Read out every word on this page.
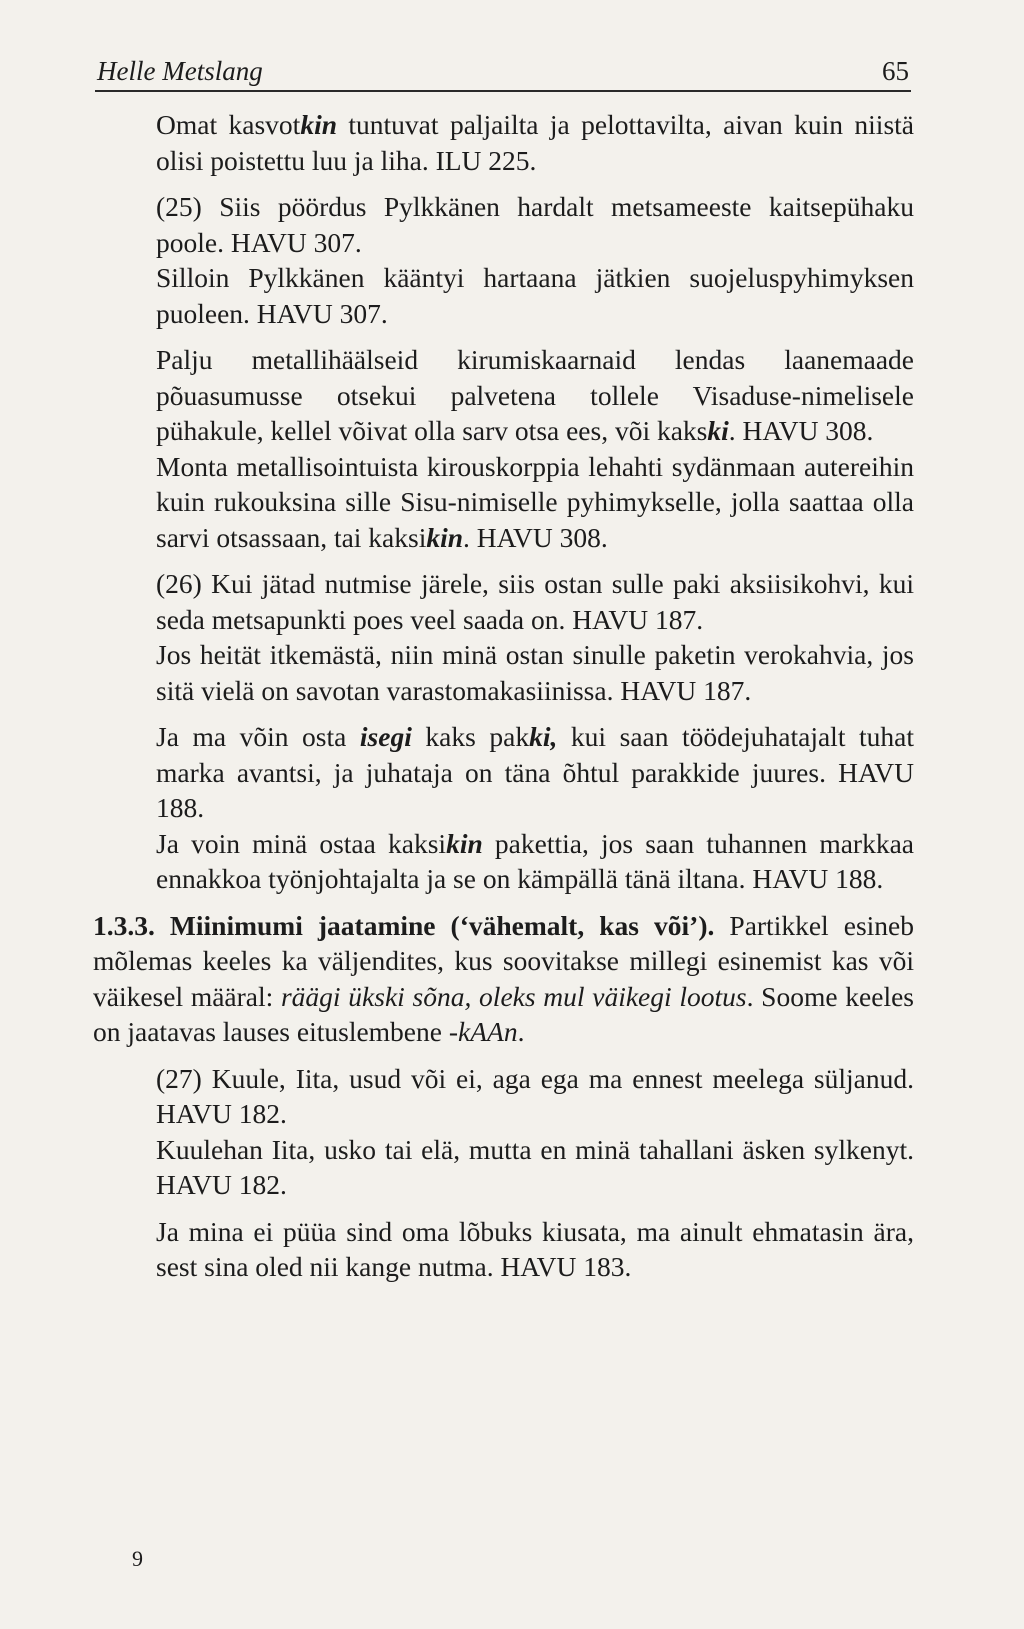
Helle Metslang	65

Omat kasvotkin tuntuvat paljailta ja pelottavilta, aivan kuin niistä olisi poistettu luu ja liha. ILU 225.

(25) Siis pöördus Pylkkänen hardalt metsameeste kaitsepühaku poole. HAVU 307.

Silloin Pylkkänen kääntyi hartaana jätkien suojeluspyhimyksen puoleen. HAVU 307.

Palju metallihäälseid kirumiskaarnaid lendas laanemaade põuasumusse otsekui palvetena tollele Visaduse-nimelisele pühakule, kellel võivat olla sarv otsa ees, või kakski. HAVU 308.

Monta metallisointuista kirouskorppia lehahti sydänmaan autereihin kuin rukouksina sille Sisu-nimiselle pyhimykselle, jolla saattaa olla sarvi otsassaan, tai kaksikin. HAVU 308.

(26) Kui jätad nutmise järele, siis ostan sulle paki aksiisikohvi, kui seda metsapunkti poes veel saada on. HAVU 187.

Jos heität itkemästä, niin minä ostan sinulle paketin verokahvia, jos sitä vielä on savotan varastomakasiinissa. HAVU 187.

Ja ma võin osta isegi kaks pakki, kui saan töödejuhatajalt tuhat marka avantsi, ja juhataja on täna õhtul parakkide juures. HAVU 188.

Ja voin minä ostaa kaksikin pakettia, jos saan tuhannen markkaa ennakkoa työnjohtajalta ja se on kämpällä tänä iltana. HAVU 188.

1.3.3. Miinimumi jaatamine (‘vähemalt, kas või’). Partikkel esineb mõlemas keeles ka väljendites, kus soovitakse millegi esinemist kas või väikesel määral: räägi ükski sõna, oleks mul väikegi lootus. Soome keeles on jaatavas lauses eituslembene -kAAn.

(27) Kuule, Iita, usud või ei, aga ega ma ennest meelega süljanud. HAVU 182.

Kuulehan Iita, usko tai elä, mutta en minä tahallani äsken sylkenyt. HAVU 182.

Ja mina ei püüa sind oma lõbuks kiusata, ma ainult ehmatasin ära, sest sina oled nii kange nutma. HAVU 183.

9
